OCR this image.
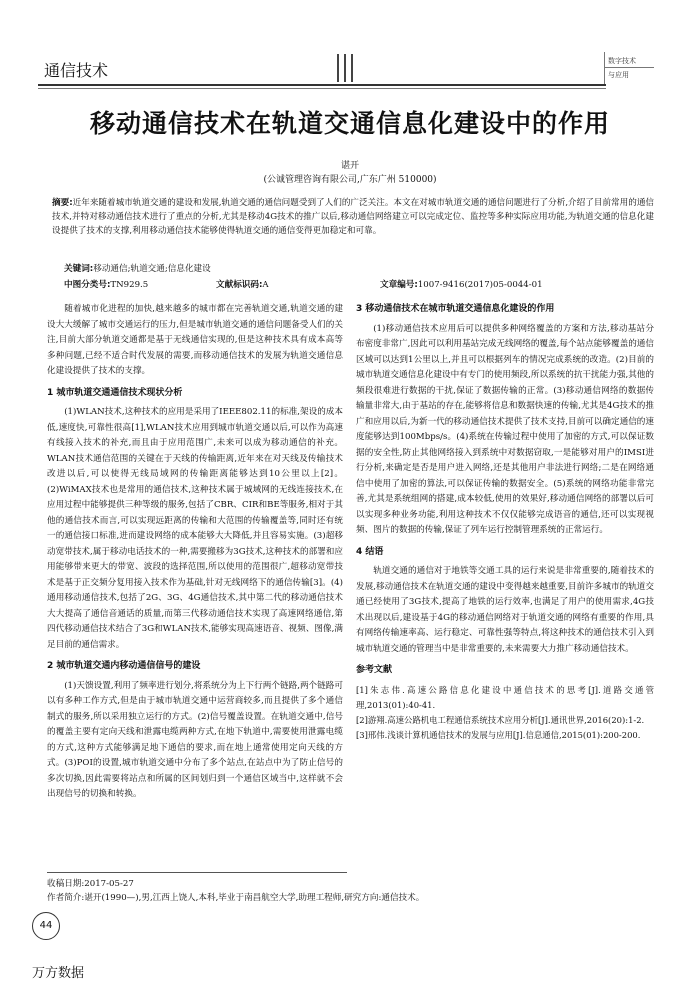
通信技术	数字技术
与应用
移动通信技术在轨道交通信息化建设中的作用
谌开
(公诚管理咨询有限公司,广东广州 510000)
摘要:近年来随着城市轨道交通的建设和发展,轨道交通的通信问题受到了人们的广泛关注。本文在对城市轨道交通的通信问题进行了分析,介绍了目前常用的通信技术,并特对移动通信技术进行了重点的分析,尤其是移动4G技术的推广以后,移动通信网络建立可以完成定位、监控等多种实际应用功能,为轨道交通的信息化建设提供了技术的支撑,利用移动通信技术能够使得轨道交通的通信变得更加稳定和可靠。
关键词:移动通信;轨道交通;信息化建设
中图分类号:TN929.5	文献标识码:A	文章编号:1007-9416(2017)05-0044-01

随着城市化进程的加快,越来越多的城市都在完善轨道交通,轨道交通的建设大大缓解了城市交通运行的压力,但是城市轨道交通的通信问题备受人们的关注,目前大部分轨道交通都是基于无线通信实现的,但是这种技术具有成本高等多种问题,已经不适合时代发展的需要,而移动通信技术的发展为轨道交通信息化建设提供了技术的支撑。

1 城市轨道交通通信技术现状分析

(1)WLAN技术,这种技术的应用是采用了IEEE802.11的标准,架设的成本低,速度快,可靠性很高[1],WLAN技术应用到城市轨道交通以后,可以作为高速有线接入技术的补充,而且由于应用范围广,未来可以成为移动通信的补充。WLAN技术通信范围的关键在于天线的传输距离,近年来在对天线及传输技术改进以后,可以使得无线局域网的传输距离能够达到10公里以上[2]。(2)WiMAX技术也是常用的通信技术,这种技术属于城域网的无线连接技术,在应用过程中能够提供三种等级的服务,包括了CBR、CIR和BE等服务,相对于其他的通信技术而言,可以实现远距离的传输和大范围的传输覆盖等,同时还有统一的通信接口标准,进而建设网络的成本能够大大降低,并且容易实施。(3)超移动宽带技术,属于移动电话技术的一种,需要搬移为3G技术,这种技术的部署和应用能够带来更大的带宽、波段的选择范围,所以使用的范围很广,超移动宽带技术是基于正交频分复用接入技术作为基础,针对无线网络下的通信传输[3]。(4)通用移动通信技术,包括了2G、3G、4G通信技术,其中第二代的移动通信技术大大提高了通信音通话的质量,而第三代移动通信技术实现了高速网络通信,第四代移动通信技术结合了3G和WLAN技术,能够实现高速语音、视频、图像,满足目前的通信需求。

2 城市轨道交通内移动通信信号的建设

(1)天馈设置,利用了频率进行划分,将系统分为上下行两个链路,两个链路可以有多种工作方式,但是由于城市轨道交通中运营商较多,而且提供了多个通信制式的服务,所以采用独立运行的方式。(2)信号覆盖设置。在轨道交通中,信号的覆盖主要有定向天线和泄露电缆两种方式,在地下轨道中,需要使用泄露电缆的方式,这种方式能够满足地下通信的要求,而在地上通常使用定向天线的方式。(3)POI的设置,城市轨道交通中分布了多个站点,在站点中为了防止信号的多次切换,因此需要将站点和所属的区间划归到一个通信区域当中,这样就不会出现信号的切换和转换。

3 移动通信技术在城市轨道交通信息化建设的作用

(1)移动通信技术应用后可以提供多种网络覆盖的方案和方法,移动基站分布密度非常广,因此可以利用基站完成无线网络的覆盖,每个站点能够覆盖的通信区域可以达到1公里以上,并且可以根据列车的情况完成系统的改造。(2)目前的城市轨道交通信息化建设中有专门的使用频段,所以系统的抗干扰能力强,其他的频段很难进行数据的干扰,保证了数据传输的正常。(3)移动通信网络的数据传输量非常大,由于基站的存在,能够将信息和数据快速的传输,尤其是4G技术的推广和应用以后,为新一代的移动通信技术提供了技术支持,目前可以确定通信的速度能够达到100Mbps/s。(4)系统在传输过程中使用了加密的方式,可以保证数据的安全性,防止其他网络接入到系统中对数据窃取,一是能够对用户的IMSI进行分析,来确定是否是用户进入网络,还是其他用户非法进行网络;二是在网络通信中使用了加密的算法,可以保证传输的数据安全。(5)系统的网络功能非常完善,尤其是系统组网的搭建,成本较低,使用的效果好,移动通信网络的部署以后可以实现多种业务功能,利用这种技术不仅仅能够完成语音的通信,还可以实现视频、图片的数据的传输,保证了列车运行控制管理系统的正常运行。

4 结语

轨道交通的通信对于地铁等交通工具的运行来说是非常重要的,随着技术的发展,移动通信技术在轨道交通的建设中变得越来越重要,目前许多城市的轨道交通已经使用了3G技术,提高了地铁的运行效率,也满足了用户的使用需求,4G技术出现以后,建设基于4G的移动通信网络对于轨道交通的网络有重要的作用,具有网络传输速率高、运行稳定、可靠性强等特点,将这种技术的通信技术引入到城市轨道交通的管理当中是非常重要的,未来需要大力推广移动通信技术。

参考文献

[1]朱志伟.高速公路信息化建设中通信技术的思考[J].道路交通管理,2013(01):40-41.

[2]游翔.高速公路机电工程通信系统技术应用分析[J].通讯世界,2016(20):1-2.

[3]邢伟.浅谈计算机通信技术的发展与应用[J].信息通信,2015(01):200-200.

收稿日期:2017-05-27
作者简介:谌开(1990—),男,江西上饶人,本科,毕业于南昌航空大学,助理工程师,研究方向:通信技术。
44
万方数据
